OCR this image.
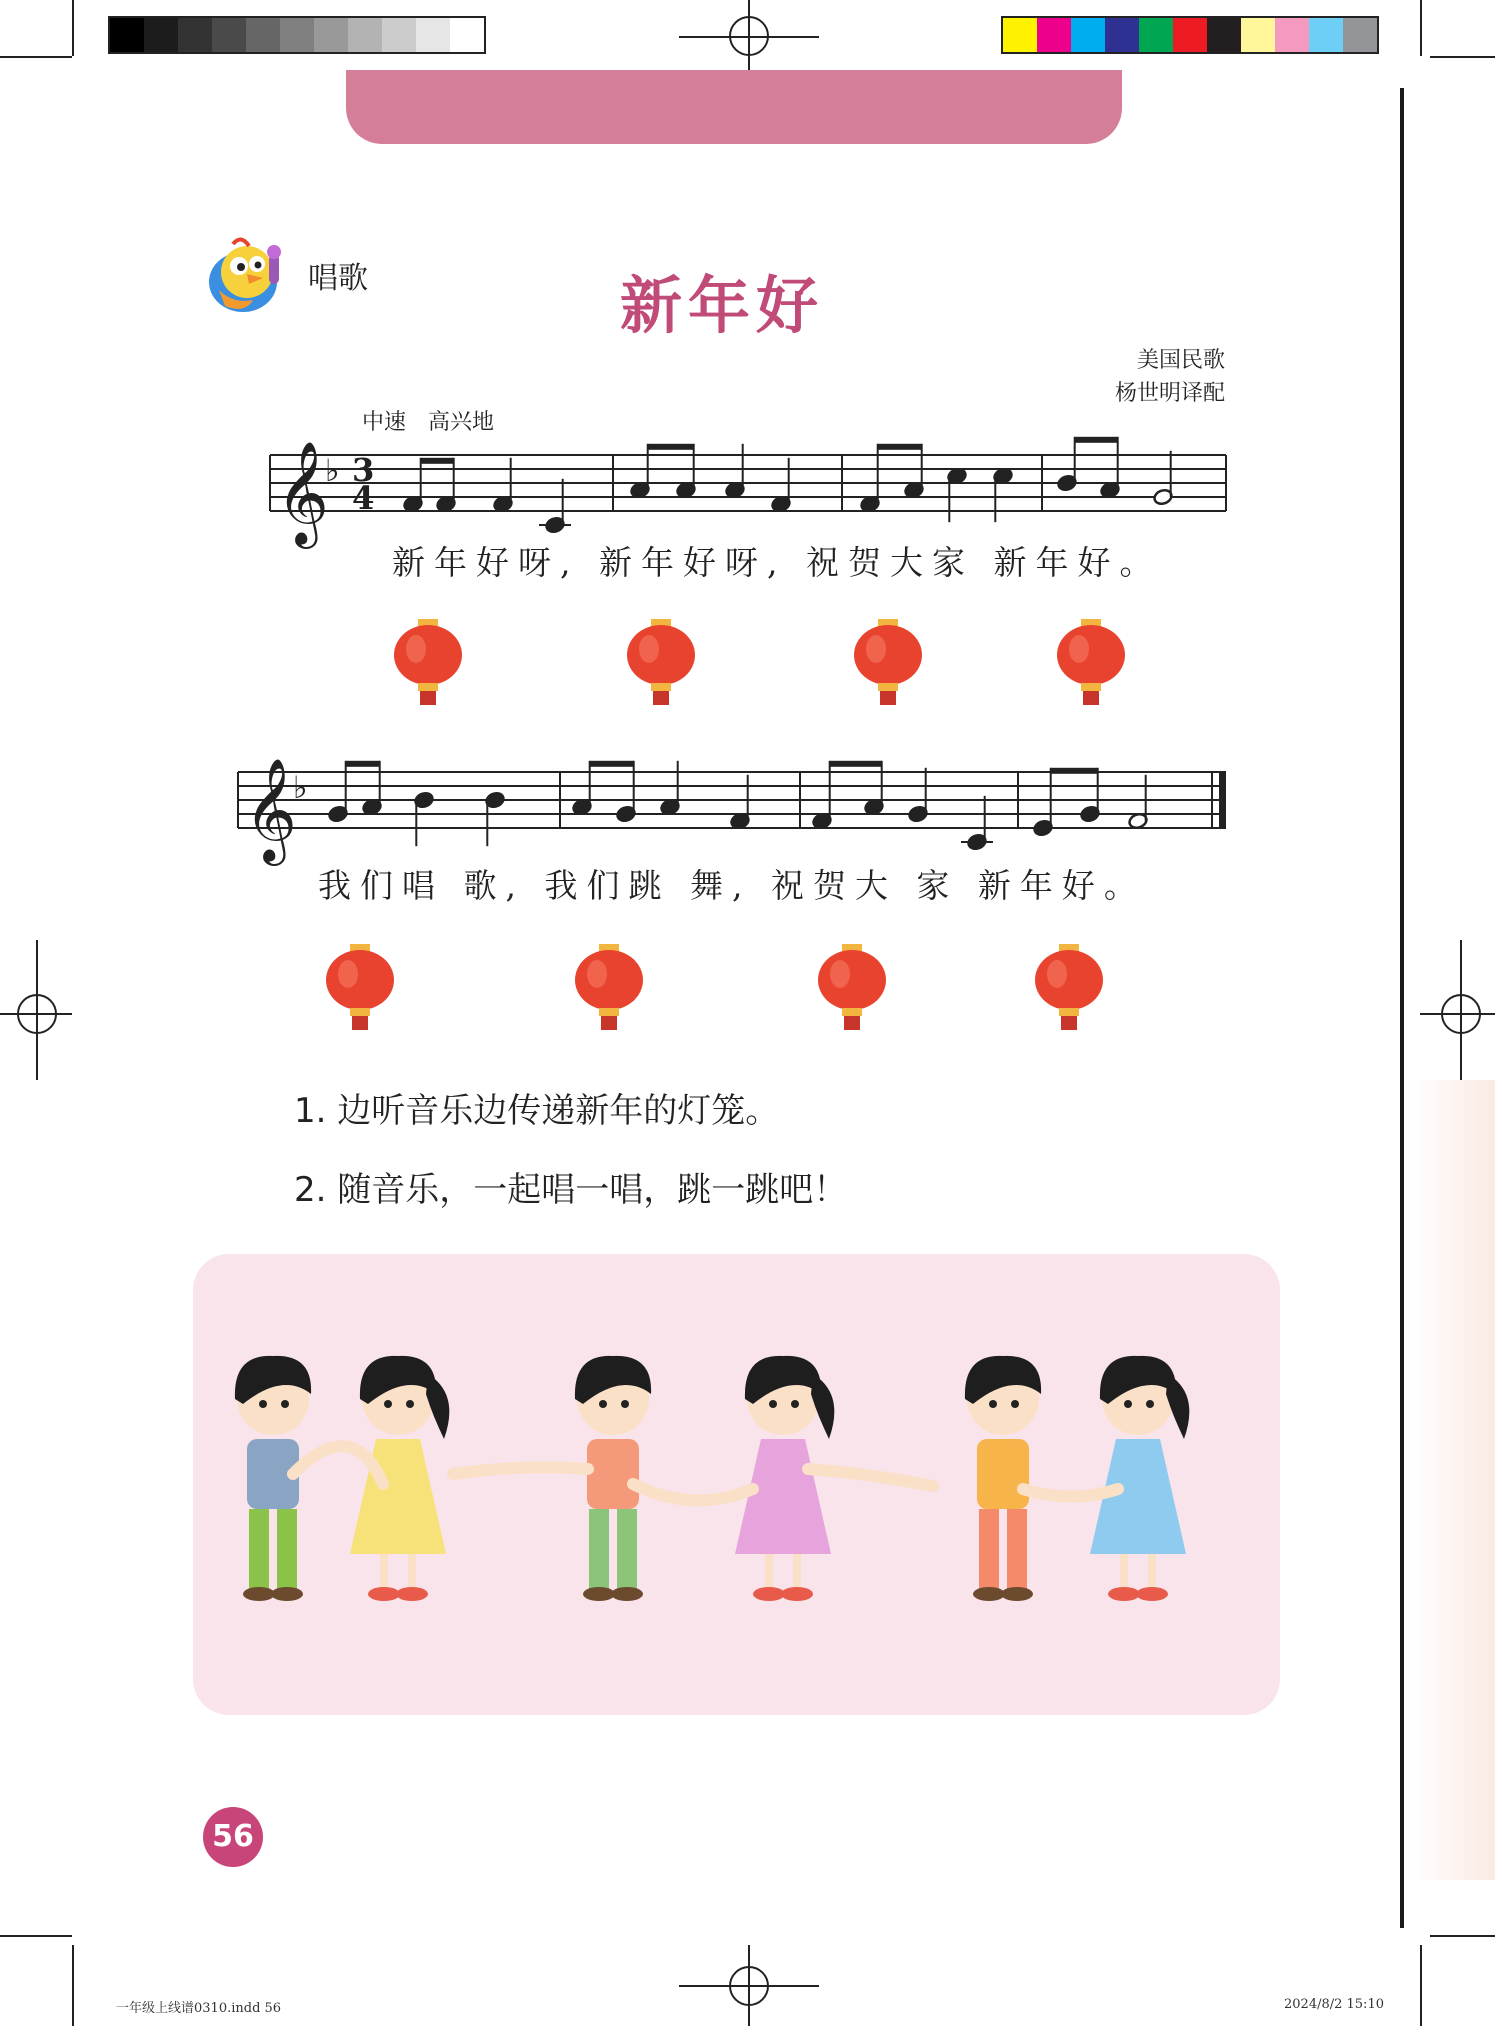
唱歌	新年好
美国民歌
杨世明译配
中速　高兴地
𝄞
♭ 3
4
𝄞
♭
新年好呀, 新年好呀, 祝贺大家 新年好。
我们唱 歌, 我们跳 舞, 祝贺大 家 新年好。
1. 边听音乐边传递新年的灯笼。
2. 随音乐，一起唱一唱，跳一跳吧！
56
一年级上线谱0310.indd 56	2024/8/2 15:10
